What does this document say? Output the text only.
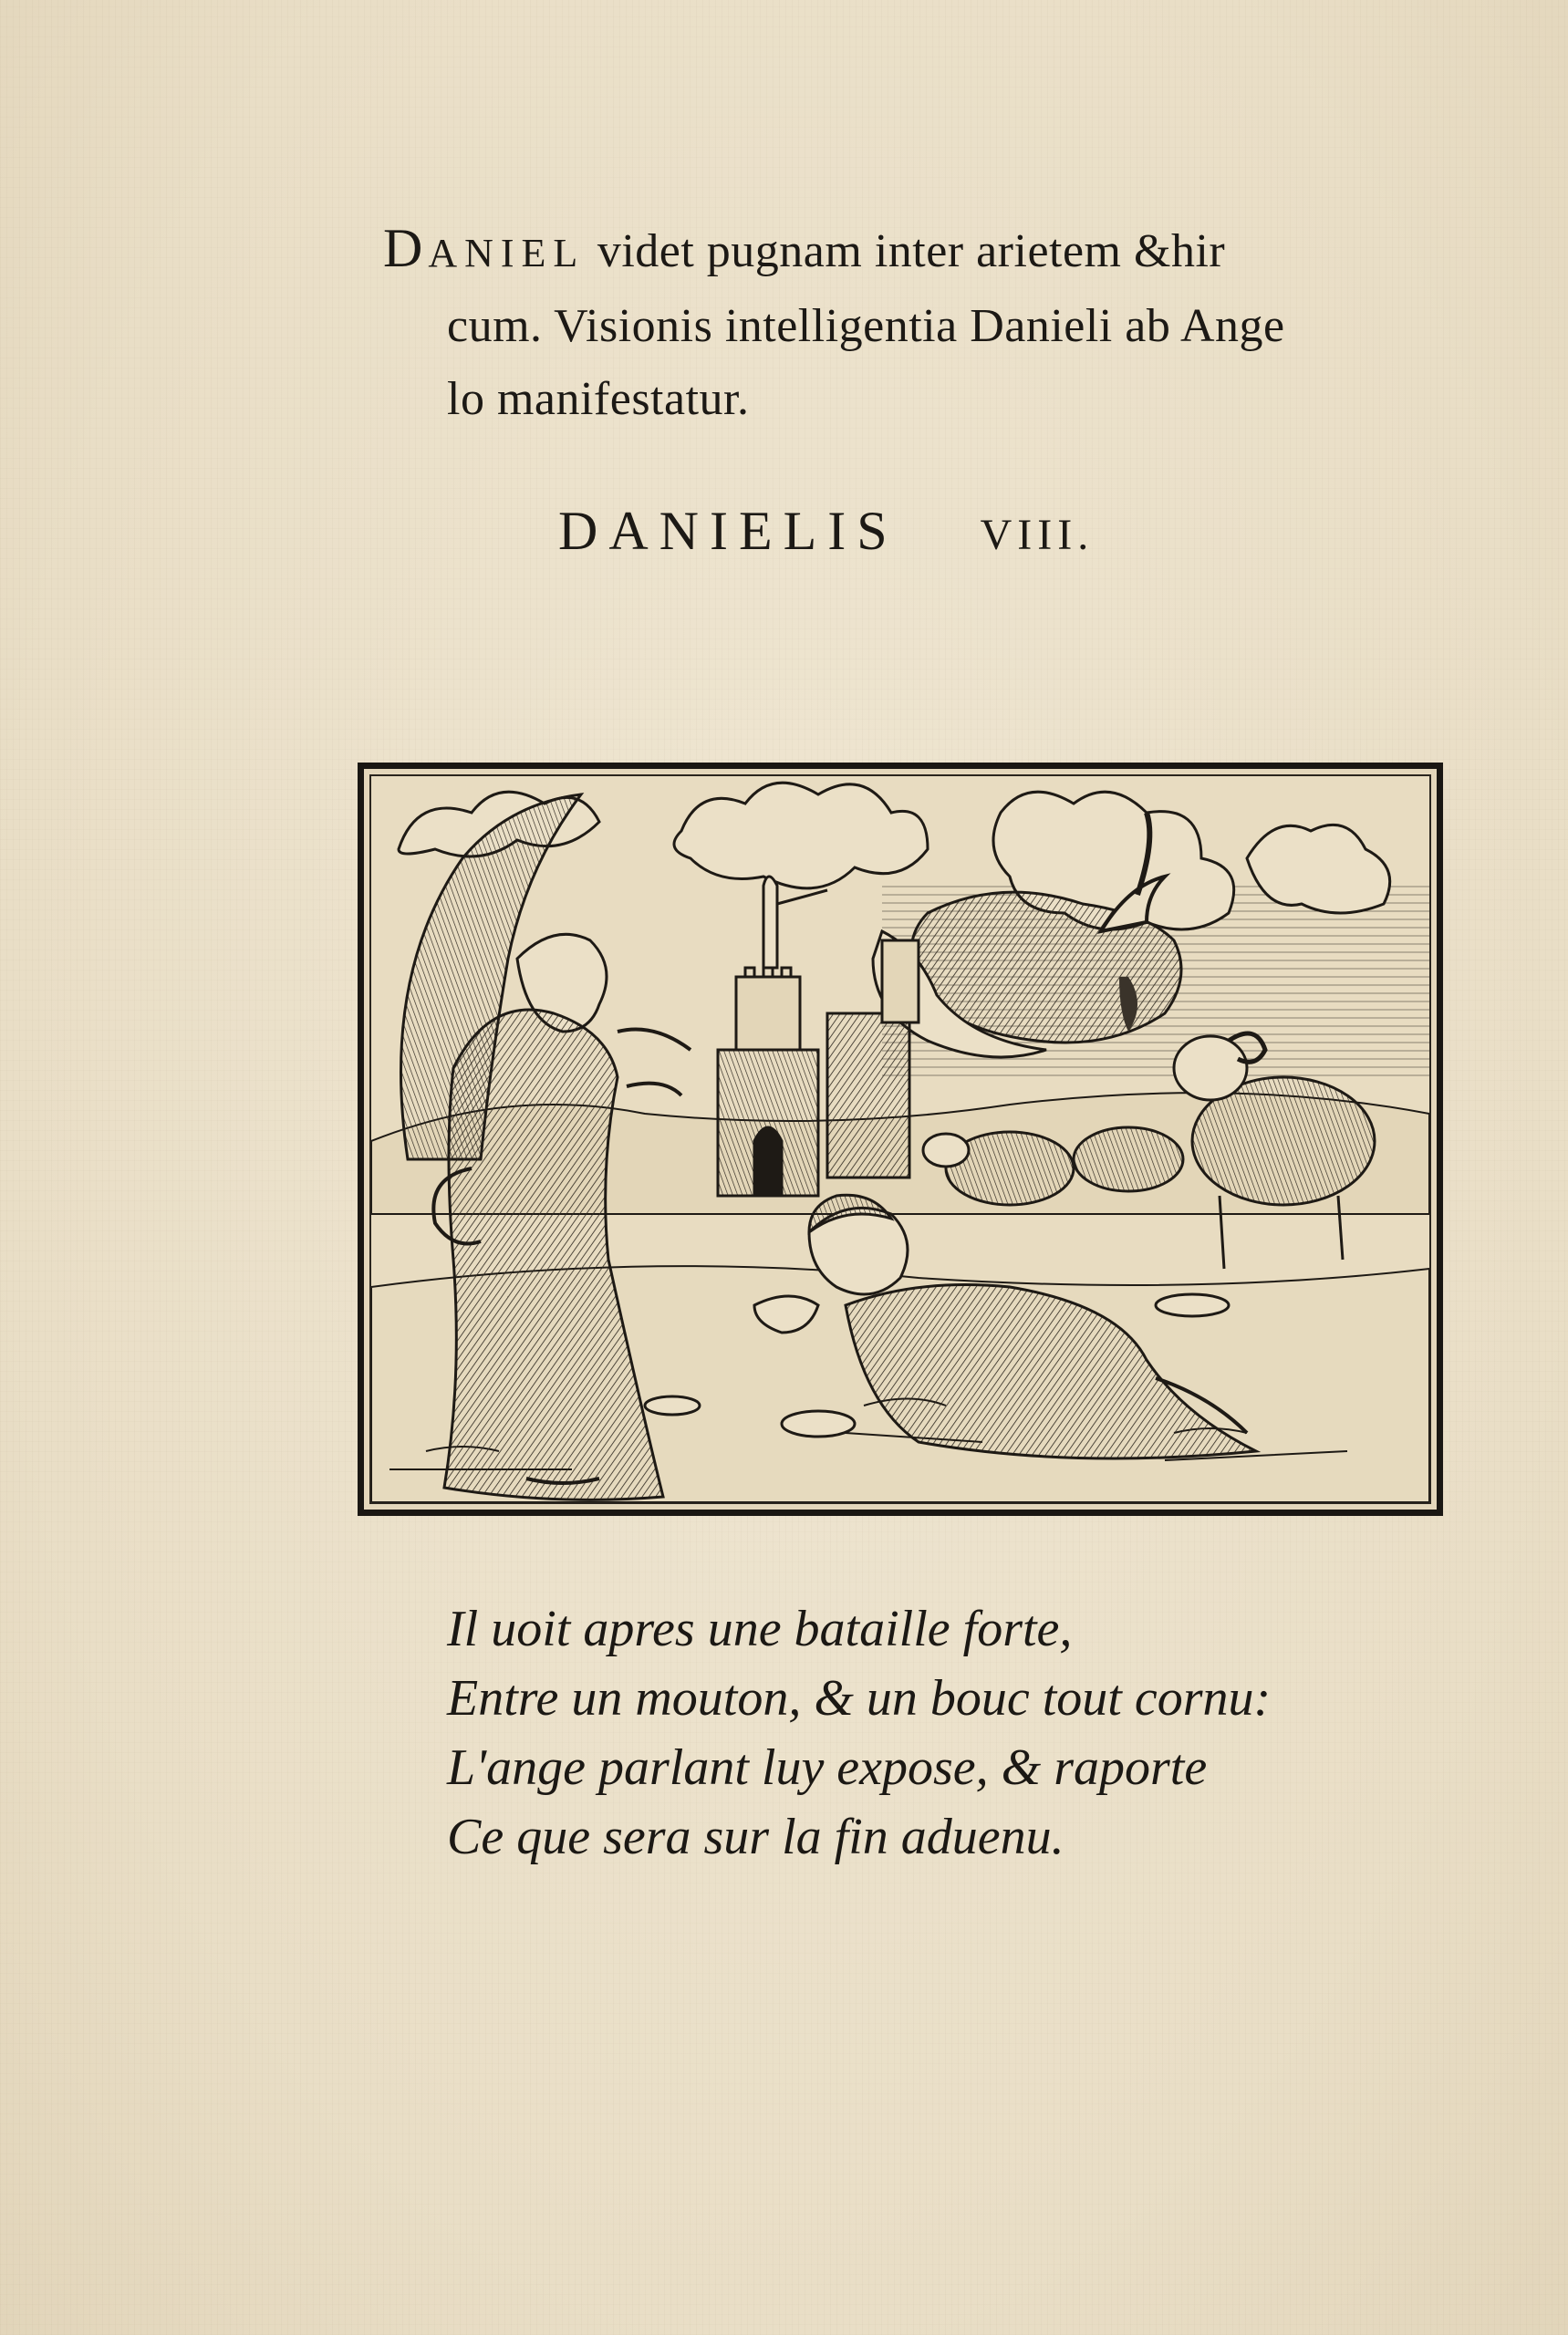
DANIEL videt pugnam inter arietem &hir
cum. Visionis intelligentia Danieli ab Ange
lo manifestatur.
DANIELIS VIII.
Il uoit apres une bataille forte,
Entre un mouton, & un bouc tout cornu:
L'ange parlant luy expose, & raporte
Ce que sera sur la fin aduenu.
